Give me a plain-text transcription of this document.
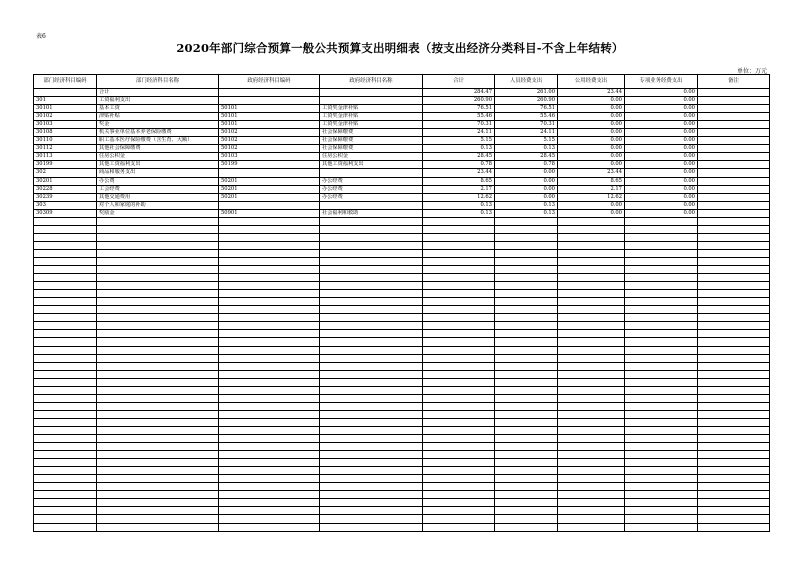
表6
2020年部门综合预算一般公共预算支出明细表（按支出经济分类科目-不含上年结转）
单位：万元
部门经济科目编码	部门经济科目名称	政府经济科目编码	政府经济科目名称	合计	人员经费支出	公用经费支出	专项业务经费支出	备注
	合计			284.47	261.00	23.44	0.00	
301	工资福利支出			260.90	260.90	0.00	0.00	
30101	基本工资	50101	工资奖金津补贴	76.51	76.51	0.00	0.00	
30102	津贴补贴	50101	工资奖金津补贴	55.46	55.46	0.00	0.00	
30103	奖金	50101	工资奖金津补贴	70.31	70.31	0.00	0.00	
30108	机关事业单位基本养老保险缴费	50102	社会保障缴费	24.11	24.11	0.00	0.00	
30110	职工基本医疗保险缴费（含生育、大额）	50102	社会保障缴费	5.15	5.15	0.00	0.00	
30112	其他社会保障缴费	50102	社会保障缴费	0.13	0.13	0.00	0.00	
30113	住房公积金	50103	住房公积金	28.45	28.45	0.00	0.00	
30199	其他工资福利支出	50199	其他工资福利支出	0.78	0.78	0.00	0.00	
302	商品和服务支出			23.44	0.00	23.44	0.00	
30201	办公费	50201	办公经费	8.65	0.00	8.65	0.00	
30228	工会经费	50201	办公经费	2.17	0.00	2.17	0.00	
30239	其他交通费用	50201	办公经费	12.62	0.00	12.62	0.00	
303	对个人和家庭的补助			0.13	0.13	0.00	0.00	
30309	奖励金	50901	社会福利和救助	0.13	0.13	0.00	0.00	
